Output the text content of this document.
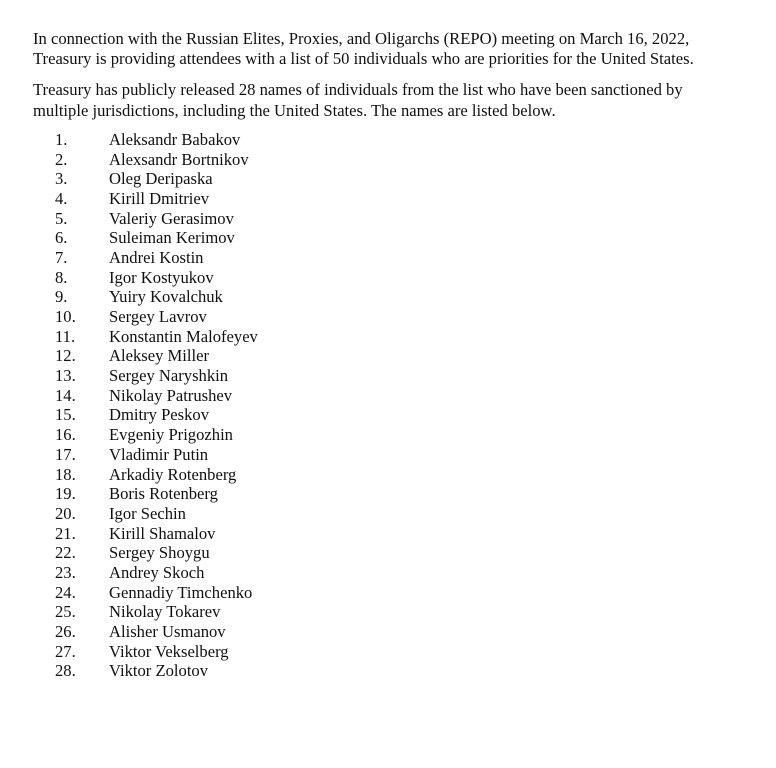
In connection with the Russian Elites, Proxies, and Oligarchs (REPO) meeting on March 16, 2022, Treasury is providing attendees with a list of 50 individuals who are priorities for the United States.

Treasury has publicly released 28 names of individuals from the list who have been sanctioned by multiple jurisdictions, including the United States. The names are listed below.

1.	Aleksandr Babakov
2.	Alexsandr Bortnikov
3.	Oleg Deripaska
4.	Kirill Dmitriev
5.	Valeriy Gerasimov
6.	Suleiman Kerimov
7.	Andrei Kostin
8.	Igor Kostyukov
9.	Yuiry Kovalchuk
10.	Sergey Lavrov
11.	Konstantin Malofeyev
12.	Aleksey Miller
13.	Sergey Naryshkin
14.	Nikolay Patrushev
15.	Dmitry Peskov
16.	Evgeniy Prigozhin
17.	Vladimir Putin
18.	Arkadiy Rotenberg
19.	Boris Rotenberg
20.	Igor Sechin
21.	Kirill Shamalov
22.	Sergey Shoygu
23.	Andrey Skoch
24.	Gennadiy Timchenko
25.	Nikolay Tokarev
26.	Alisher Usmanov
27.	Viktor Vekselberg
28.	Viktor Zolotov
